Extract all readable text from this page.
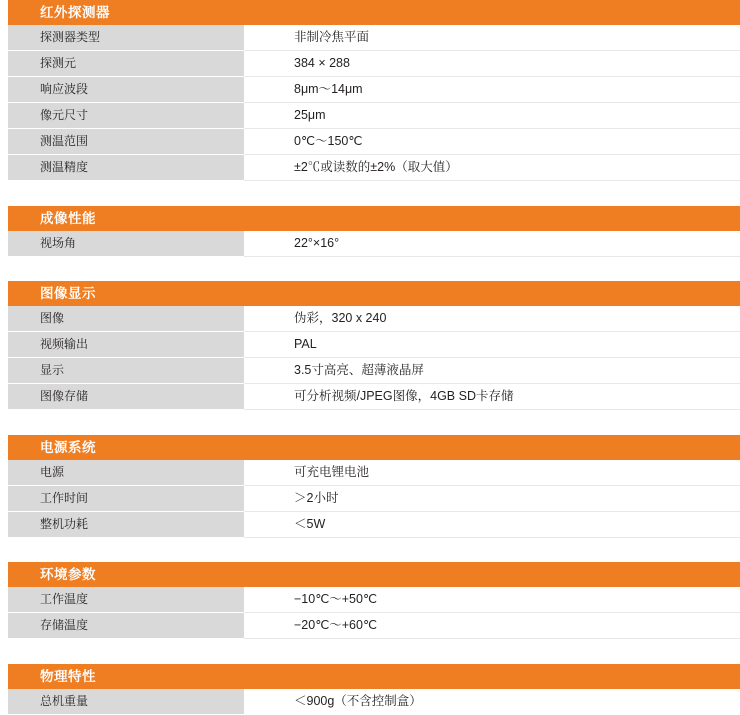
红外探测器	
探测器类型	非制冷焦平面
探测元	384 × 288
响应波段	8μm～14μm
像元尺寸	25μm
测温范围	0℃～150℃
测温精度	±2℃或读数的±2%（取大值）

成像性能	
视场角	22°×16°

图像显示	
图像	伪彩，320 x 240
视频输出	PAL
显示	3.5寸高亮、超薄液晶屏
图像存储	可分析视频/JPEG图像，4GB SD卡存储

电源系统	
电源	可充电锂电池
工作时间	＞2小时
整机功耗	＜5W

环境参数	
工作温度	−10℃～+50℃
存储温度	−20℃～+60℃

物理特性	
总机重量	＜900g（不含控制盒）
